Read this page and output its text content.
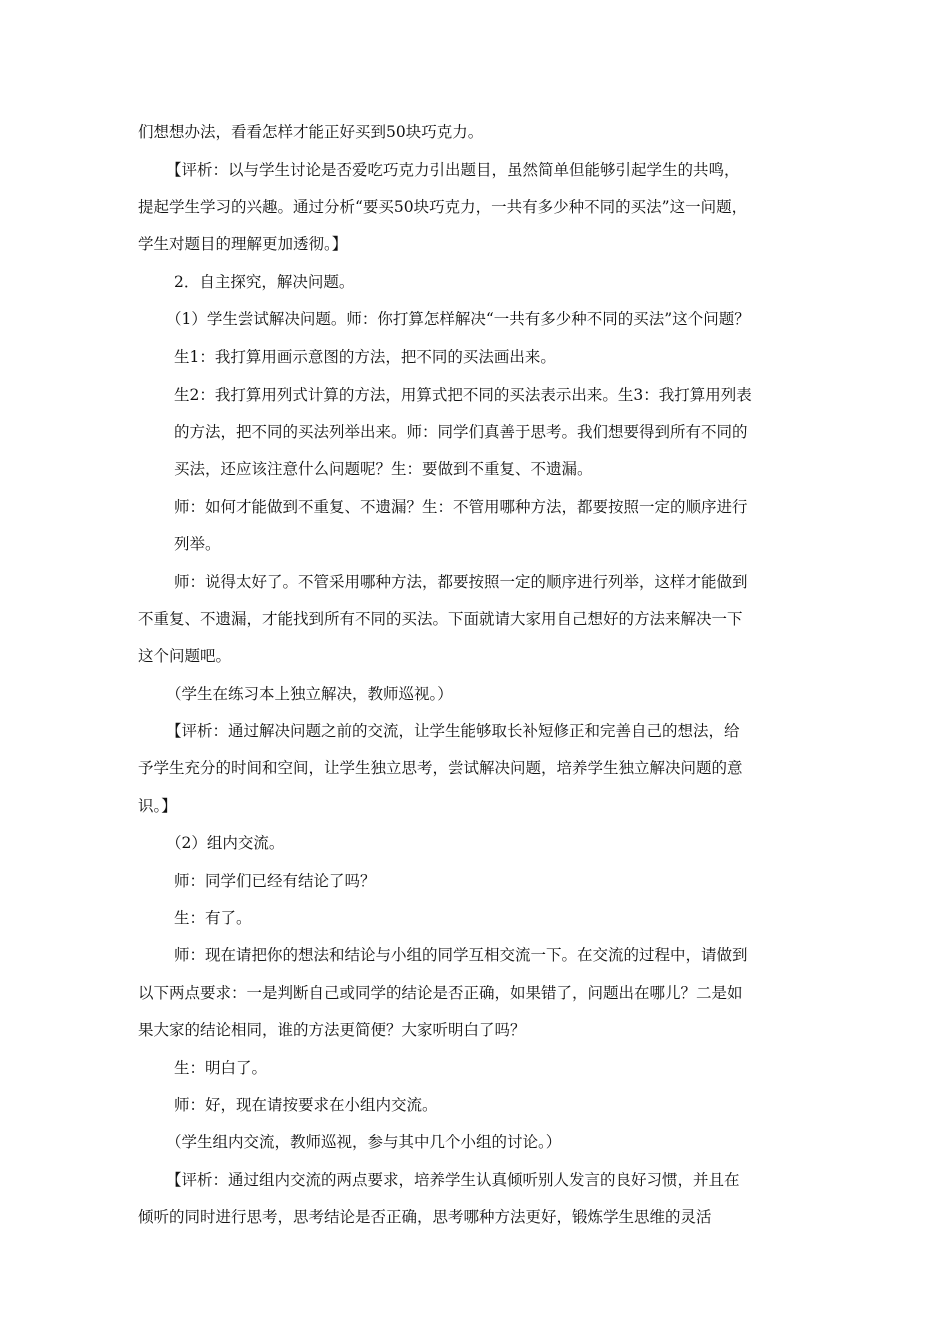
们想想办法，看看怎样才能正好买到50块巧克力。
【评析：以与学生讨论是否爱吃巧克力引出题目，虽然简单但能够引起学生的共鸣，
提起学生学习的兴趣。通过分析“要买50块巧克力，一共有多少种不同的买法”这一问题，
学生对题目的理解更加透彻。】
2．自主探究，解决问题。
（1）学生尝试解决问题。师：你打算怎样解决“一共有多少种不同的买法”这个问题？
生1：我打算用画示意图的方法，把不同的买法画出来。
生2：我打算用列式计算的方法，用算式把不同的买法表示出来。生3：我打算用列表
的方法，把不同的买法列举出来。师：同学们真善于思考。我们想要得到所有不同的
买法，还应该注意什么问题呢？生：要做到不重复、不遗漏。
师：如何才能做到不重复、不遗漏？生：不管用哪种方法，都要按照一定的顺序进行
列举。
师：说得太好了。不管采用哪种方法，都要按照一定的顺序进行列举，这样才能做到
不重复、不遗漏，才能找到所有不同的买法。下面就请大家用自己想好的方法来解决一下
这个问题吧。
（学生在练习本上独立解决，教师巡视。）
【评析：通过解决问题之前的交流，让学生能够取长补短修正和完善自己的想法，给
予学生充分的时间和空间，让学生独立思考，尝试解决问题，培养学生独立解决问题的意
识。】
（2）组内交流。
师：同学们已经有结论了吗？
生：有了。
师：现在请把你的想法和结论与小组的同学互相交流一下。在交流的过程中，请做到
以下两点要求：一是判断自己或同学的结论是否正确，如果错了，问题出在哪儿？二是如
果大家的结论相同，谁的方法更简便？大家听明白了吗？
生：明白了。
师：好，现在请按要求在小组内交流。
（学生组内交流，教师巡视，参与其中几个小组的讨论。）
【评析：通过组内交流的两点要求，培养学生认真倾听别人发言的良好习惯，并且在
倾听的同时进行思考，思考结论是否正确，思考哪种方法更好，锻炼学生思维的灵活
